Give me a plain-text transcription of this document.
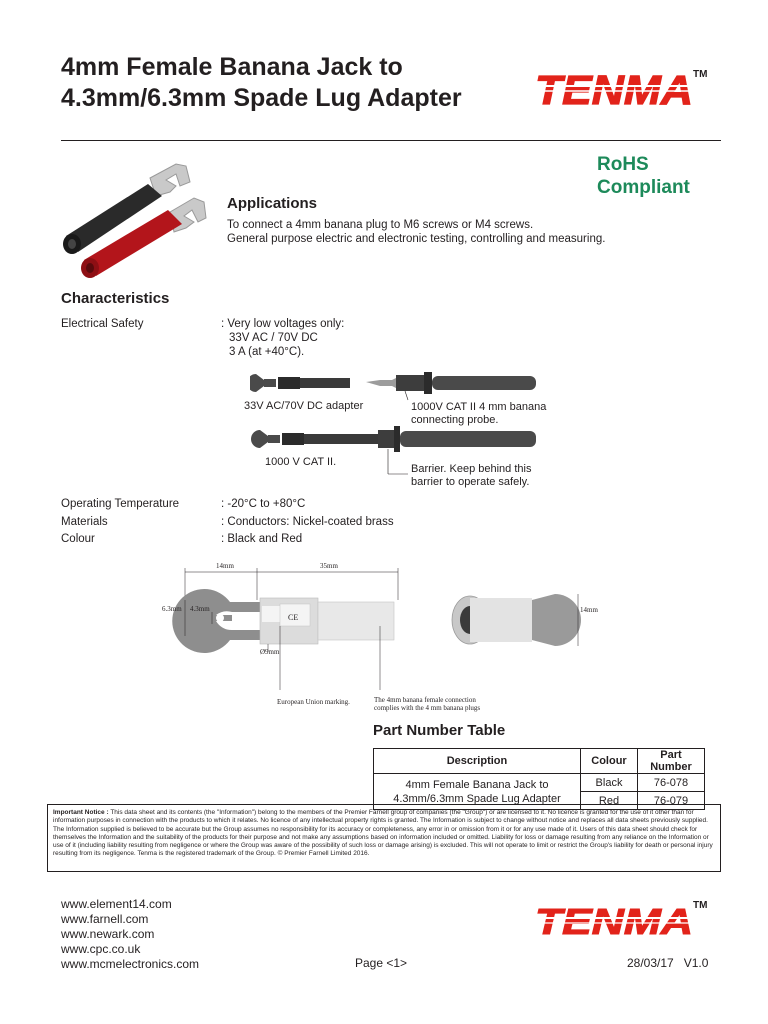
4mm Female Banana Jack to
4.3mm/6.3mm Spade Lug Adapter TENMA TM
RoHS
Compliant
Applications
To connect a 4mm banana plug to M6 screws or M4 screws.
General purpose electric and electronic testing, controlling and measuring.
Characteristics
Electrical Safety	: Very low voltages only:
33V AC / 70V DC
3 A (at +40°C).
33V AC/70V DC adapter	1000V CAT II 4 mm banana
connecting probe.
1000 V CAT II.
Barrier. Keep behind this
barrier to operate safely.
Operating Temperature	: -20°C to +80°C
Materials	: Conductors: Nickel-coated brass
Colour	: Black and Red
14mm	35mm
6.3mm 4.3mm
CE
Ø9mm
14mm
European Union marking.	The 4mm banana female connection
complies with the 4 mm banana plugs
Part Number Table
Description	Colour	Part Number

4mm Female Banana Jack to
4.3mm/6.3mm Spade Lug Adapter	Black	76-078
	Red	76-079
Important Notice : This data sheet and its contents (the "Information") belong to the members of the Premier Farnell group of companies (the "Group") or are licensed to it. No licence is granted for the use of it other than for information purposes in connection with the products to which it relates. No licence of any intellectual property rights is granted. The Information is subject to change without notice and replaces all data sheets previously supplied. The Information supplied is believed to be accurate but the Group assumes no responsibility for its accuracy or completeness, any error in or omission from it or for any use made of it. Users of this data sheet should check for themselves the Information and the suitability of the products for their purpose and not make any assumptions based on information included or omitted. Liability for loss or damage resulting from any reliance on the Information or use of it (including liability resulting from negligence or where the Group was aware of the possibility of such loss or damage arising) is excluded. This will not operate to limit or restrict the Group's liability for death or personal injury resulting from its negligence. Tenma is the registered trademark of the Group. © Premier Farnell Limited 2016.
www.element14.com
www.farnell.com
www.newark.com
www.cpc.co.uk
www.mcmelectronics.com
TENMA TM
Page <1>	28/03/17 V1.0
